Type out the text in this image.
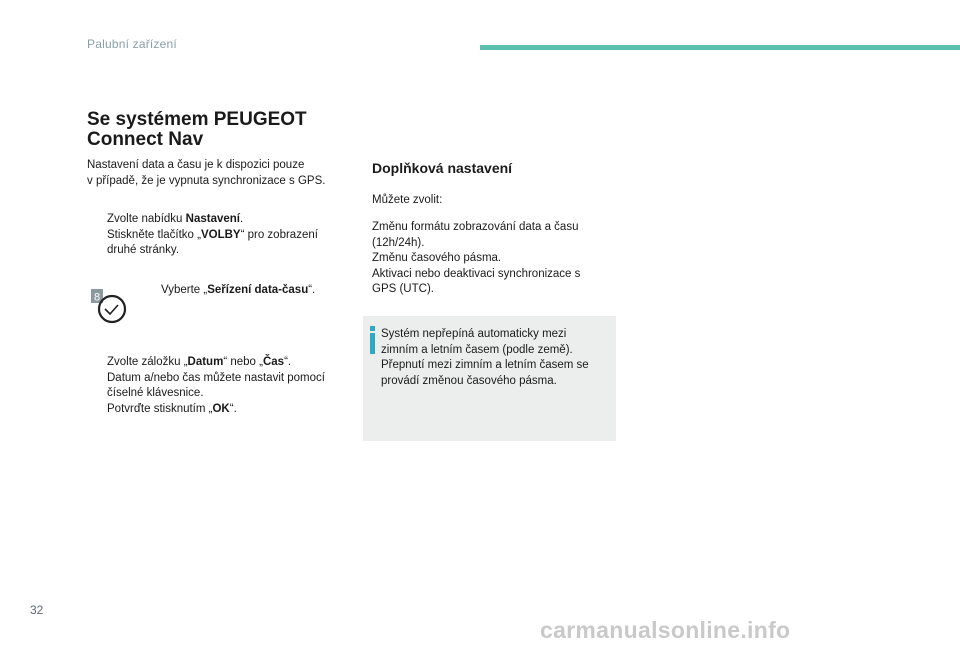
Palubní zařízení
Se systémem PEUGEOT
Connect Nav
Nastavení data a času je k dispozici pouze
v případě, že je vypnuta synchronizace s GPS.
Zvolte nabídku Nastavení.
Stiskněte tlačítko „VOLBY“ pro zobrazení
druhé stránky.
8
Vyberte „Seřízení data-času“.
Zvolte záložku „Datum“ nebo „Čas“.
Datum a/nebo čas můžete nastavit pomocí
číselné klávesnice.
Potvrďte stisknutím „OK“.
Doplňková nastavení
Můžete zvolit:
Změnu formátu zobrazování data a času
(12h/24h).
Změnu časového pásma.
Aktivaci nebo deaktivaci synchronizace s
GPS (UTC).
Systém nepřepíná automaticky mezi
zimním a letním časem (podle země).
Přepnutí mezi zimním a letním časem se
provádí změnou časového pásma.
32
carmanualsonline.info
